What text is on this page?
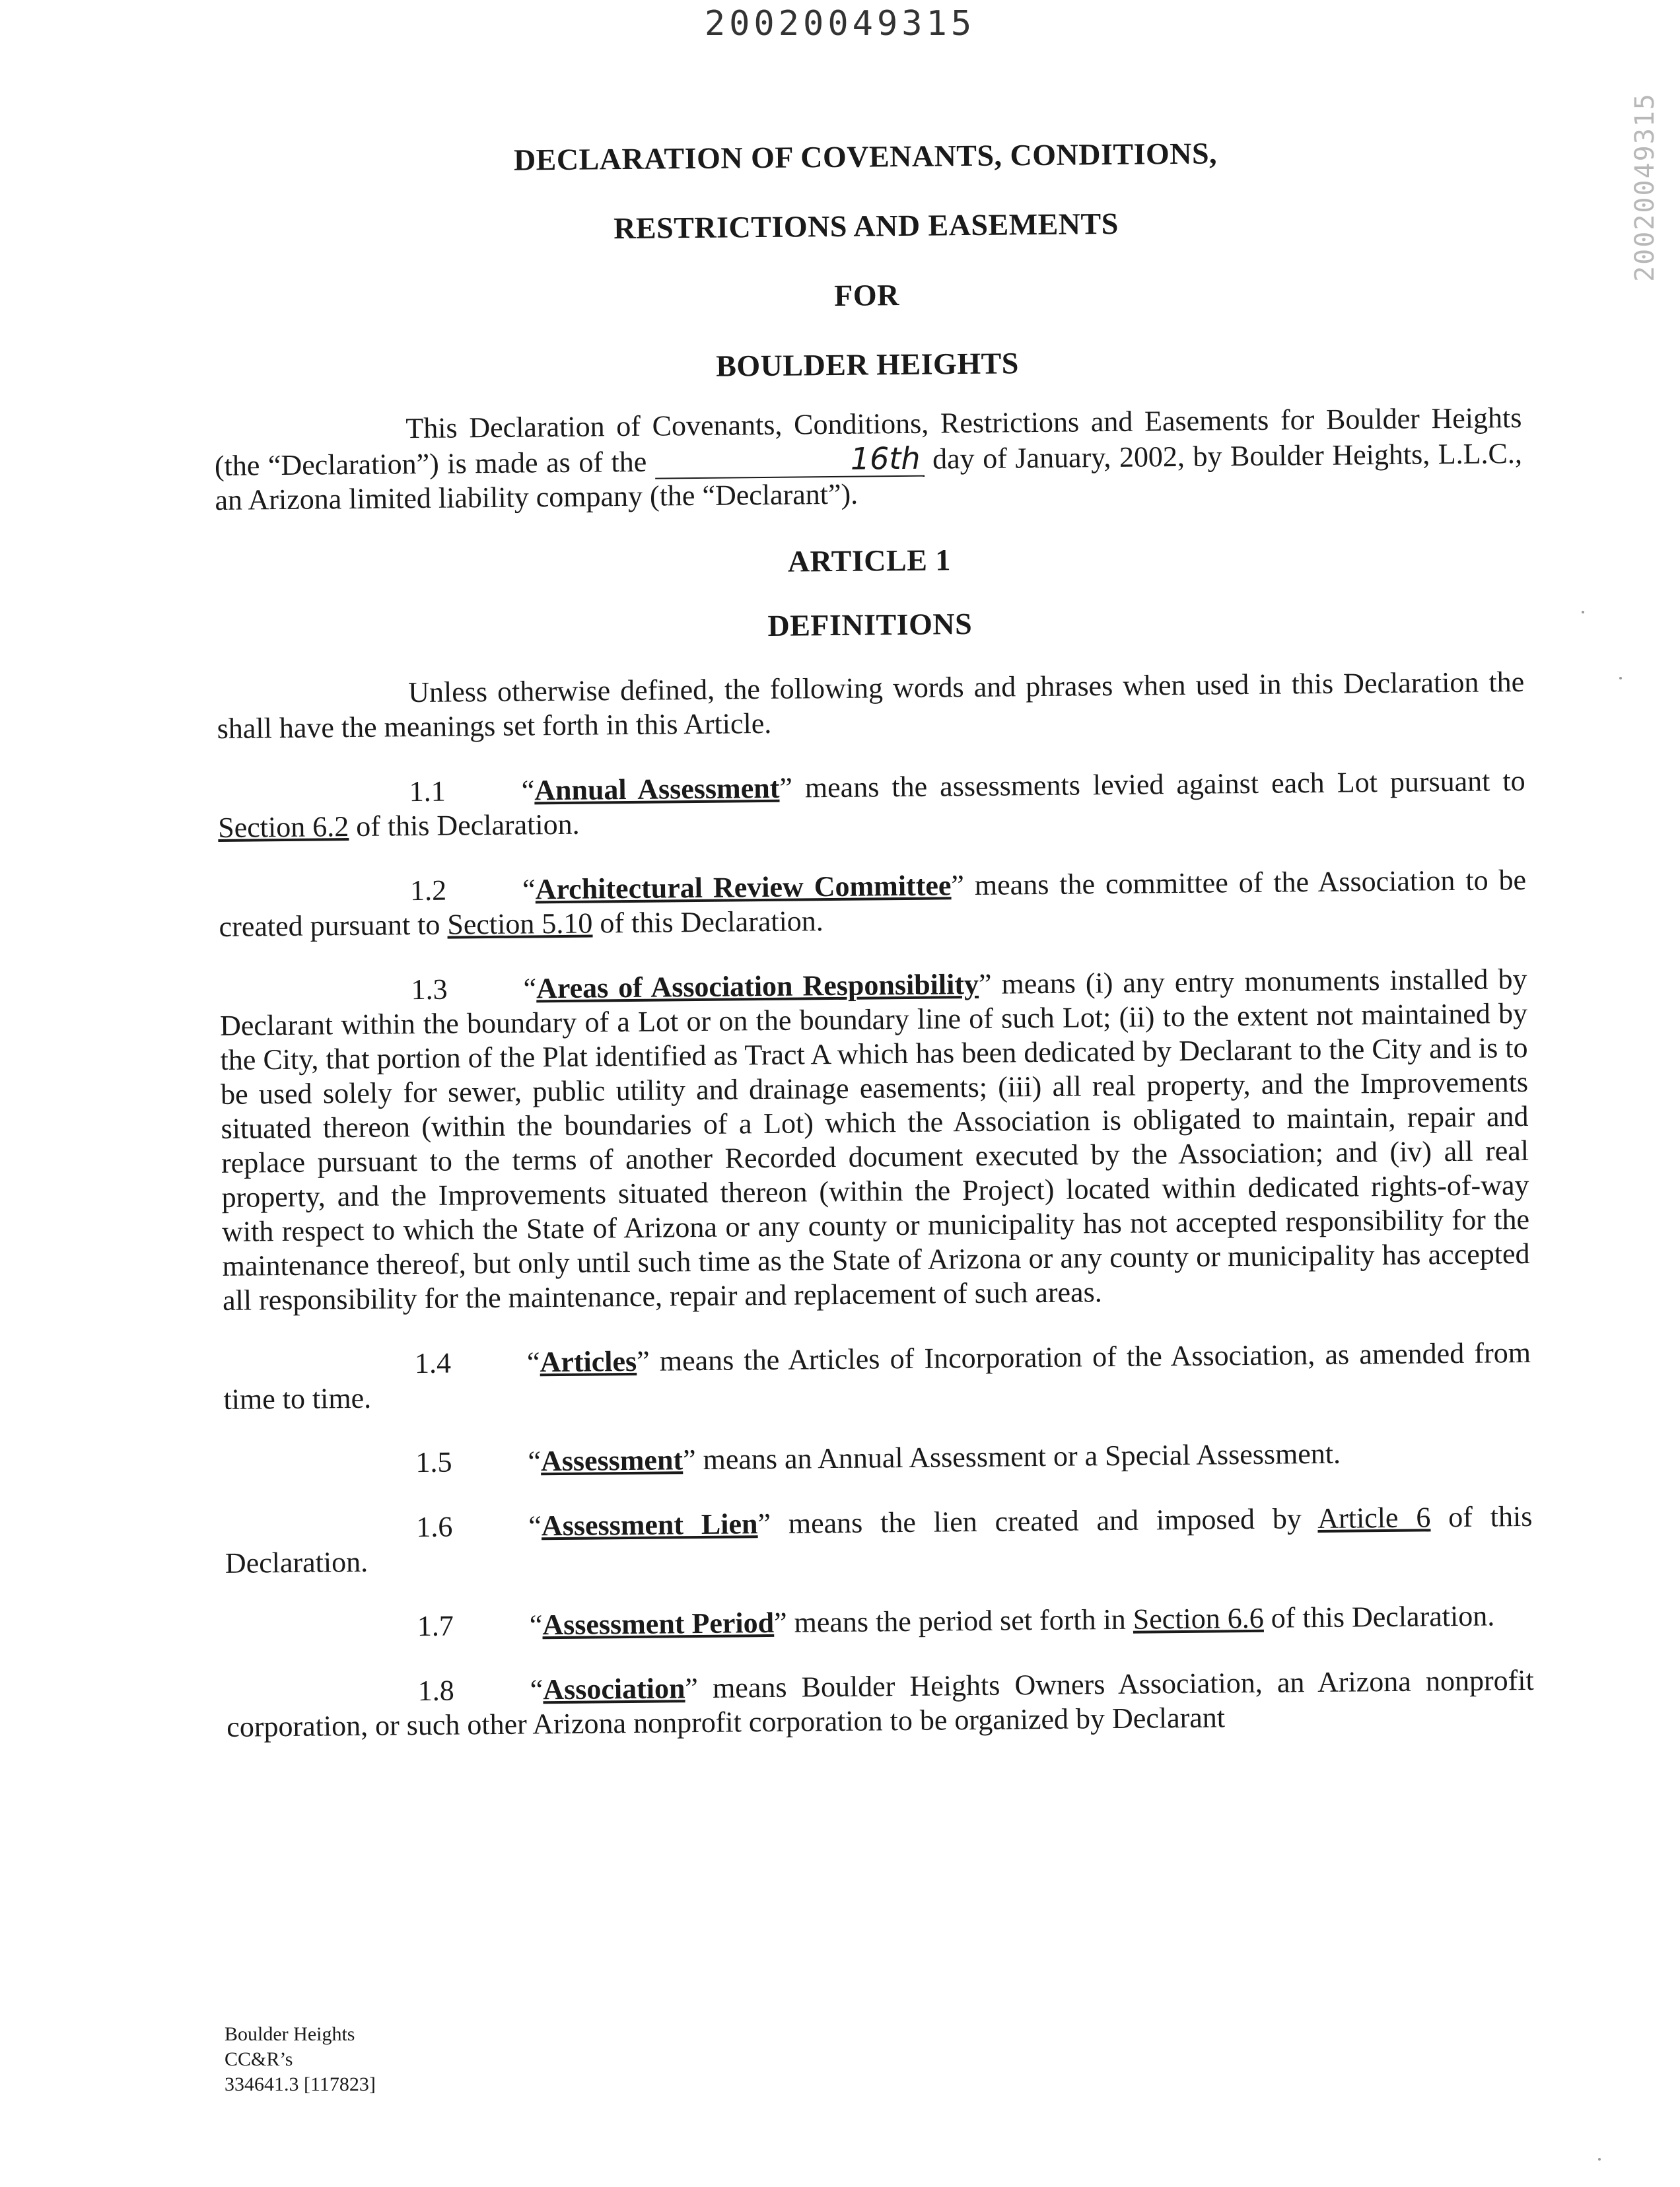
20020049315
20020049315

DECLARATION OF COVENANTS, CONDITIONS,

RESTRICTIONS AND EASEMENTS

FOR

BOULDER HEIGHTS

This Declaration of Covenants, Conditions, Restrictions and Easements for Boulder Heights (the “Declaration”) is made as of the	16th day of January, 2002, by Boulder Heights, L.L.C., an Arizona limited liability company (the “Declarant”).

ARTICLE 1

DEFINITIONS

Unless otherwise defined, the following words and phrases when used in this Declaration the shall have the meanings set forth in this Article.

1.1	“Annual Assessment” means the assessments levied against each Lot pursuant to Section 6.2 of this Declaration.

1.2	“Architectural Review Committee” means the committee of the Association to be created pursuant to Section 5.10 of this Declaration.

1.3	“Areas of Association Responsibility” means (i) any entry monuments installed by Declarant within the boundary of a Lot or on the boundary line of such Lot; (ii) to the extent not maintained by the City, that portion of the Plat identified as Tract A which has been dedicated by Declarant to the City and is to be used solely for sewer, public utility and drainage easements; (iii) all real property, and the Improvements situated thereon (within the boundaries of a Lot) which the Association is obligated to maintain, repair and replace pursuant to the terms of another Recorded document executed by the Association; and (iv) all real property, and the Improvements situated thereon (within the Project) located within dedicated rights-of-way with respect to which the State of Arizona or any county or municipality has not accepted responsibility for the maintenance thereof, but only until such time as the State of Arizona or any county or municipality has accepted all responsibility for the maintenance, repair and replacement of such areas.

1.4	“Articles” means the Articles of Incorporation of the Association, as amended from time to time.

1.5	“Assessment” means an Annual Assessment or a Special Assessment.

1.6	“Assessment Lien” means the lien created and imposed by Article 6 of this Declaration.

1.7	“Assessment Period” means the period set forth in Section 6.6 of this Declaration.

1.8	“Association” means Boulder Heights Owners Association, an Arizona nonprofit corporation, or such other Arizona nonprofit corporation to be organized by Declarant

Boulder Heights
CC&R’s
334641.3 [117823]
